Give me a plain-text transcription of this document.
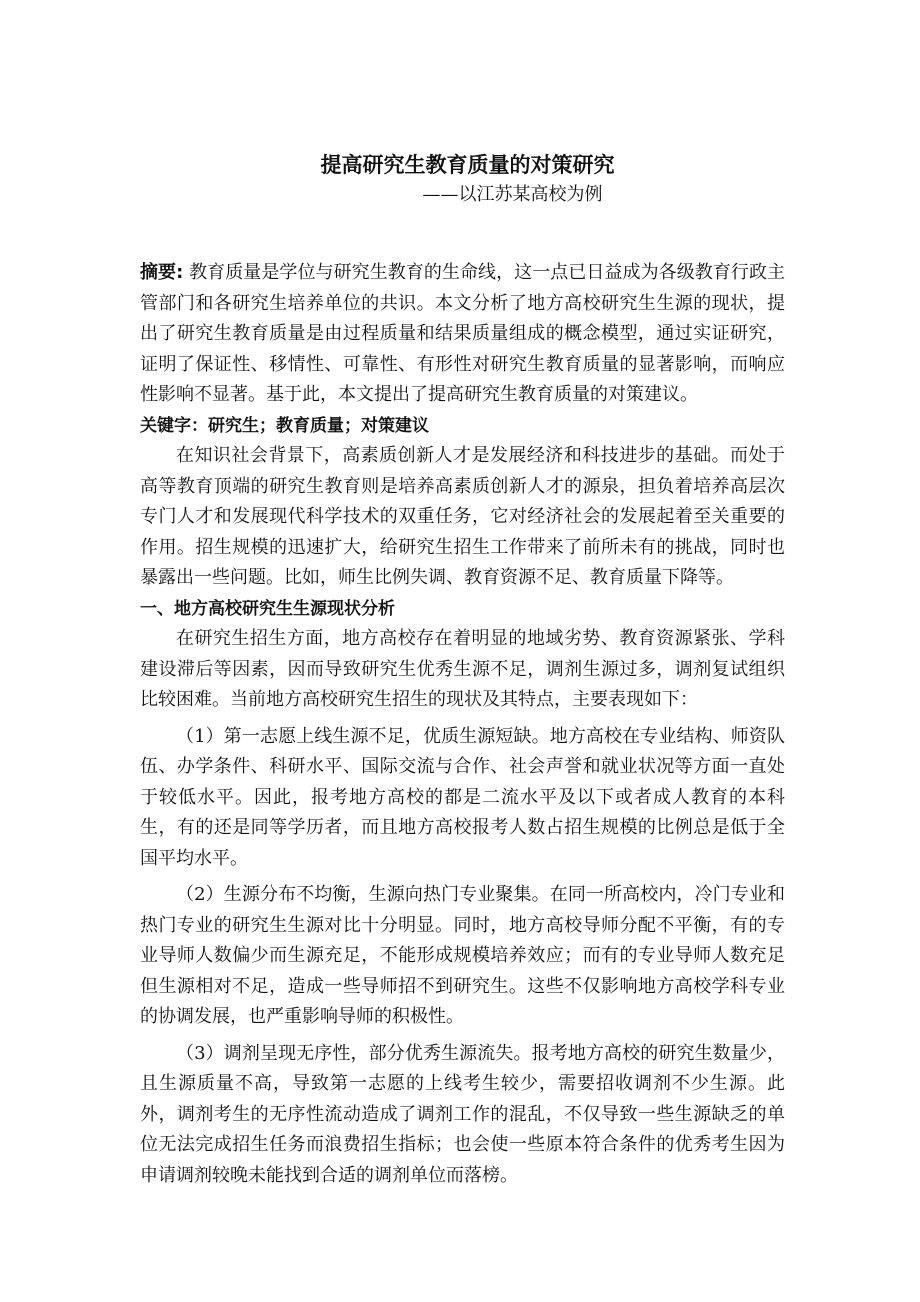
提高研究生教育质量的对策研究
——以江苏某高校为例

摘要: 教育质量是学位与研究生教育的生命线，这一点已日益成为各级教育行政主管部门和各研究生培养单位的共识。本文分析了地方高校研究生生源的现状，提出了研究生教育质量是由过程质量和结果质量组成的概念模型，通过实证研究，证明了保证性、移情性、可靠性、有形性对研究生教育质量的显著影响，而响应性影响不显著。基于此，本文提出了提高研究生教育质量的对策建议。

关键字：研究生；教育质量；对策建议

在知识社会背景下，高素质创新人才是发展经济和科技进步的基础。而处于高等教育顶端的研究生教育则是培养高素质创新人才的源泉，担负着培养高层次专门人才和发展现代科学技术的双重任务，它对经济社会的发展起着至关重要的作用。招生规模的迅速扩大，给研究生招生工作带来了前所未有的挑战，同时也暴露出一些问题。比如，师生比例失调、教育资源不足、教育质量下降等。

一、地方高校研究生生源现状分析

在研究生招生方面，地方高校存在着明显的地域劣势、教育资源紧张、学科建设滞后等因素，因而导致研究生优秀生源不足，调剂生源过多，调剂复试组织比较困难。当前地方高校研究生招生的现状及其特点，主要表现如下：

（1）第一志愿上线生源不足，优质生源短缺。地方高校在专业结构、师资队伍、办学条件、科研水平、国际交流与合作、社会声誉和就业状况等方面一直处于较低水平。因此，报考地方高校的都是二流水平及以下或者成人教育的本科生，有的还是同等学历者，而且地方高校报考人数占招生规模的比例总是低于全国平均水平。

（2）生源分布不均衡，生源向热门专业聚集。在同一所高校内，冷门专业和热门专业的研究生生源对比十分明显。同时，地方高校导师分配不平衡，有的专业导师人数偏少而生源充足，不能形成规模培养效应；而有的专业导师人数充足但生源相对不足，造成一些导师招不到研究生。这些不仅影响地方高校学科专业的协调发展，也严重影响导师的积极性。

（3）调剂呈现无序性，部分优秀生源流失。报考地方高校的研究生数量少，且生源质量不高，导致第一志愿的上线考生较少，需要招收调剂不少生源。此外，调剂考生的无序性流动造成了调剂工作的混乱，不仅导致一些生源缺乏的单位无法完成招生任务而浪费招生指标；也会使一些原本符合条件的优秀考生因为申请调剂较晚未能找到合适的调剂单位而落榜。
